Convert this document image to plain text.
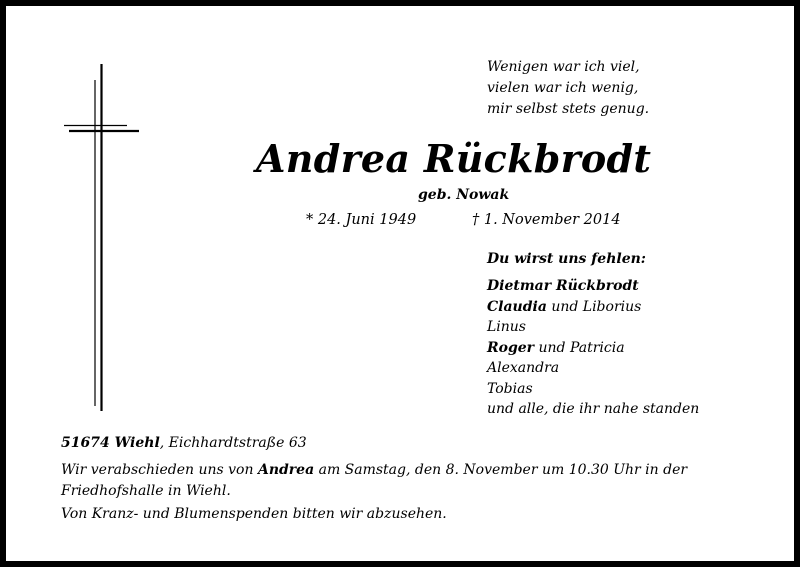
Wenigen war ich viel,
vielen war ich wenig,
mir selbst stets genug.
Andrea Rückbrodt
geb. Nowak
* 24. Juni 1949	† 1. November 2014
Du wirst uns fehlen:
Dietmar Rückbrodt
Claudia und Liborius
Linus
Roger und Patricia
Alexandra
Tobias
und alle, die ihr nahe standen
51674 Wiehl, Eichhardtstraße 63
Wir verabschieden uns von Andrea am Samstag, den 8. November um 10.30 Uhr in der Friedhofshalle in Wiehl.
Von Kranz- und Blumenspenden bitten wir abzusehen.
